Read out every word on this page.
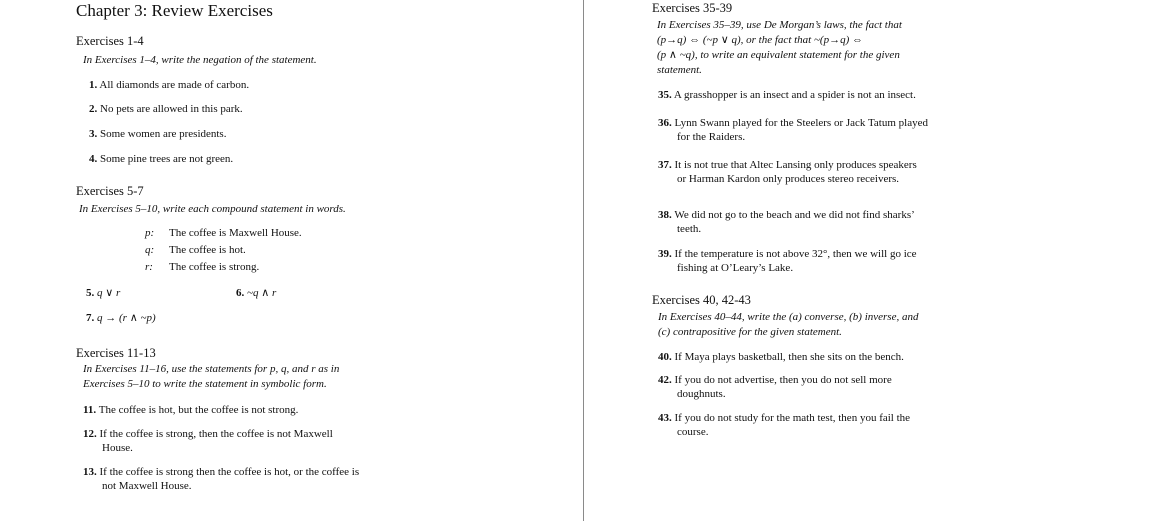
Chapter 3: Review Exercises
Exercises 1-4
In Exercises 1–4, write the negation of the statement.
1. All diamonds are made of carbon.
2. No pets are allowed in this park.
3. Some women are presidents.
4. Some pine trees are not green.
Exercises 5-7
In Exercises 5–10, write each compound statement in words.
p: The coffee is Maxwell House.
q: The coffee is hot.
r: The coffee is strong.
5. q ∨ r	6. ~q ∧ r
7. q → (r ∧ ~p)
Exercises 11-13
In Exercises 11–16, use the statements for p, q, and r as in
Exercises 5–10 to write the statement in symbolic form.
11. The coffee is hot, but the coffee is not strong.
12. If the coffee is strong, then the coffee is not Maxwell
House.
13. If the coffee is strong then the coffee is hot, or the coffee is
not Maxwell House.
Exercises 35-39
In Exercises 35–39, use De Morgan’s laws, the fact that
(p→q) ⇔ (~p ∨ q), or the fact that ~(p→q) ⇔
(p ∧ ~q), to write an equivalent statement for the given
statement.
35. A grasshopper is an insect and a spider is not an insect.
36. Lynn Swann played for the Steelers or Jack Tatum played
for the Raiders.
37. It is not true that Altec Lansing only produces speakers
or Harman Kardon only produces stereo receivers.
38. We did not go to the beach and we did not find sharks’
teeth.
39. If the temperature is not above 32°, then we will go ice
fishing at O’Leary’s Lake.
Exercises 40, 42-43
In Exercises 40–44, write the (a) converse, (b) inverse, and
(c) contrapositive for the given statement.
40. If Maya plays basketball, then she sits on the bench.
42. If you do not advertise, then you do not sell more
doughnuts.
43. If you do not study for the math test, then you fail the
course.
